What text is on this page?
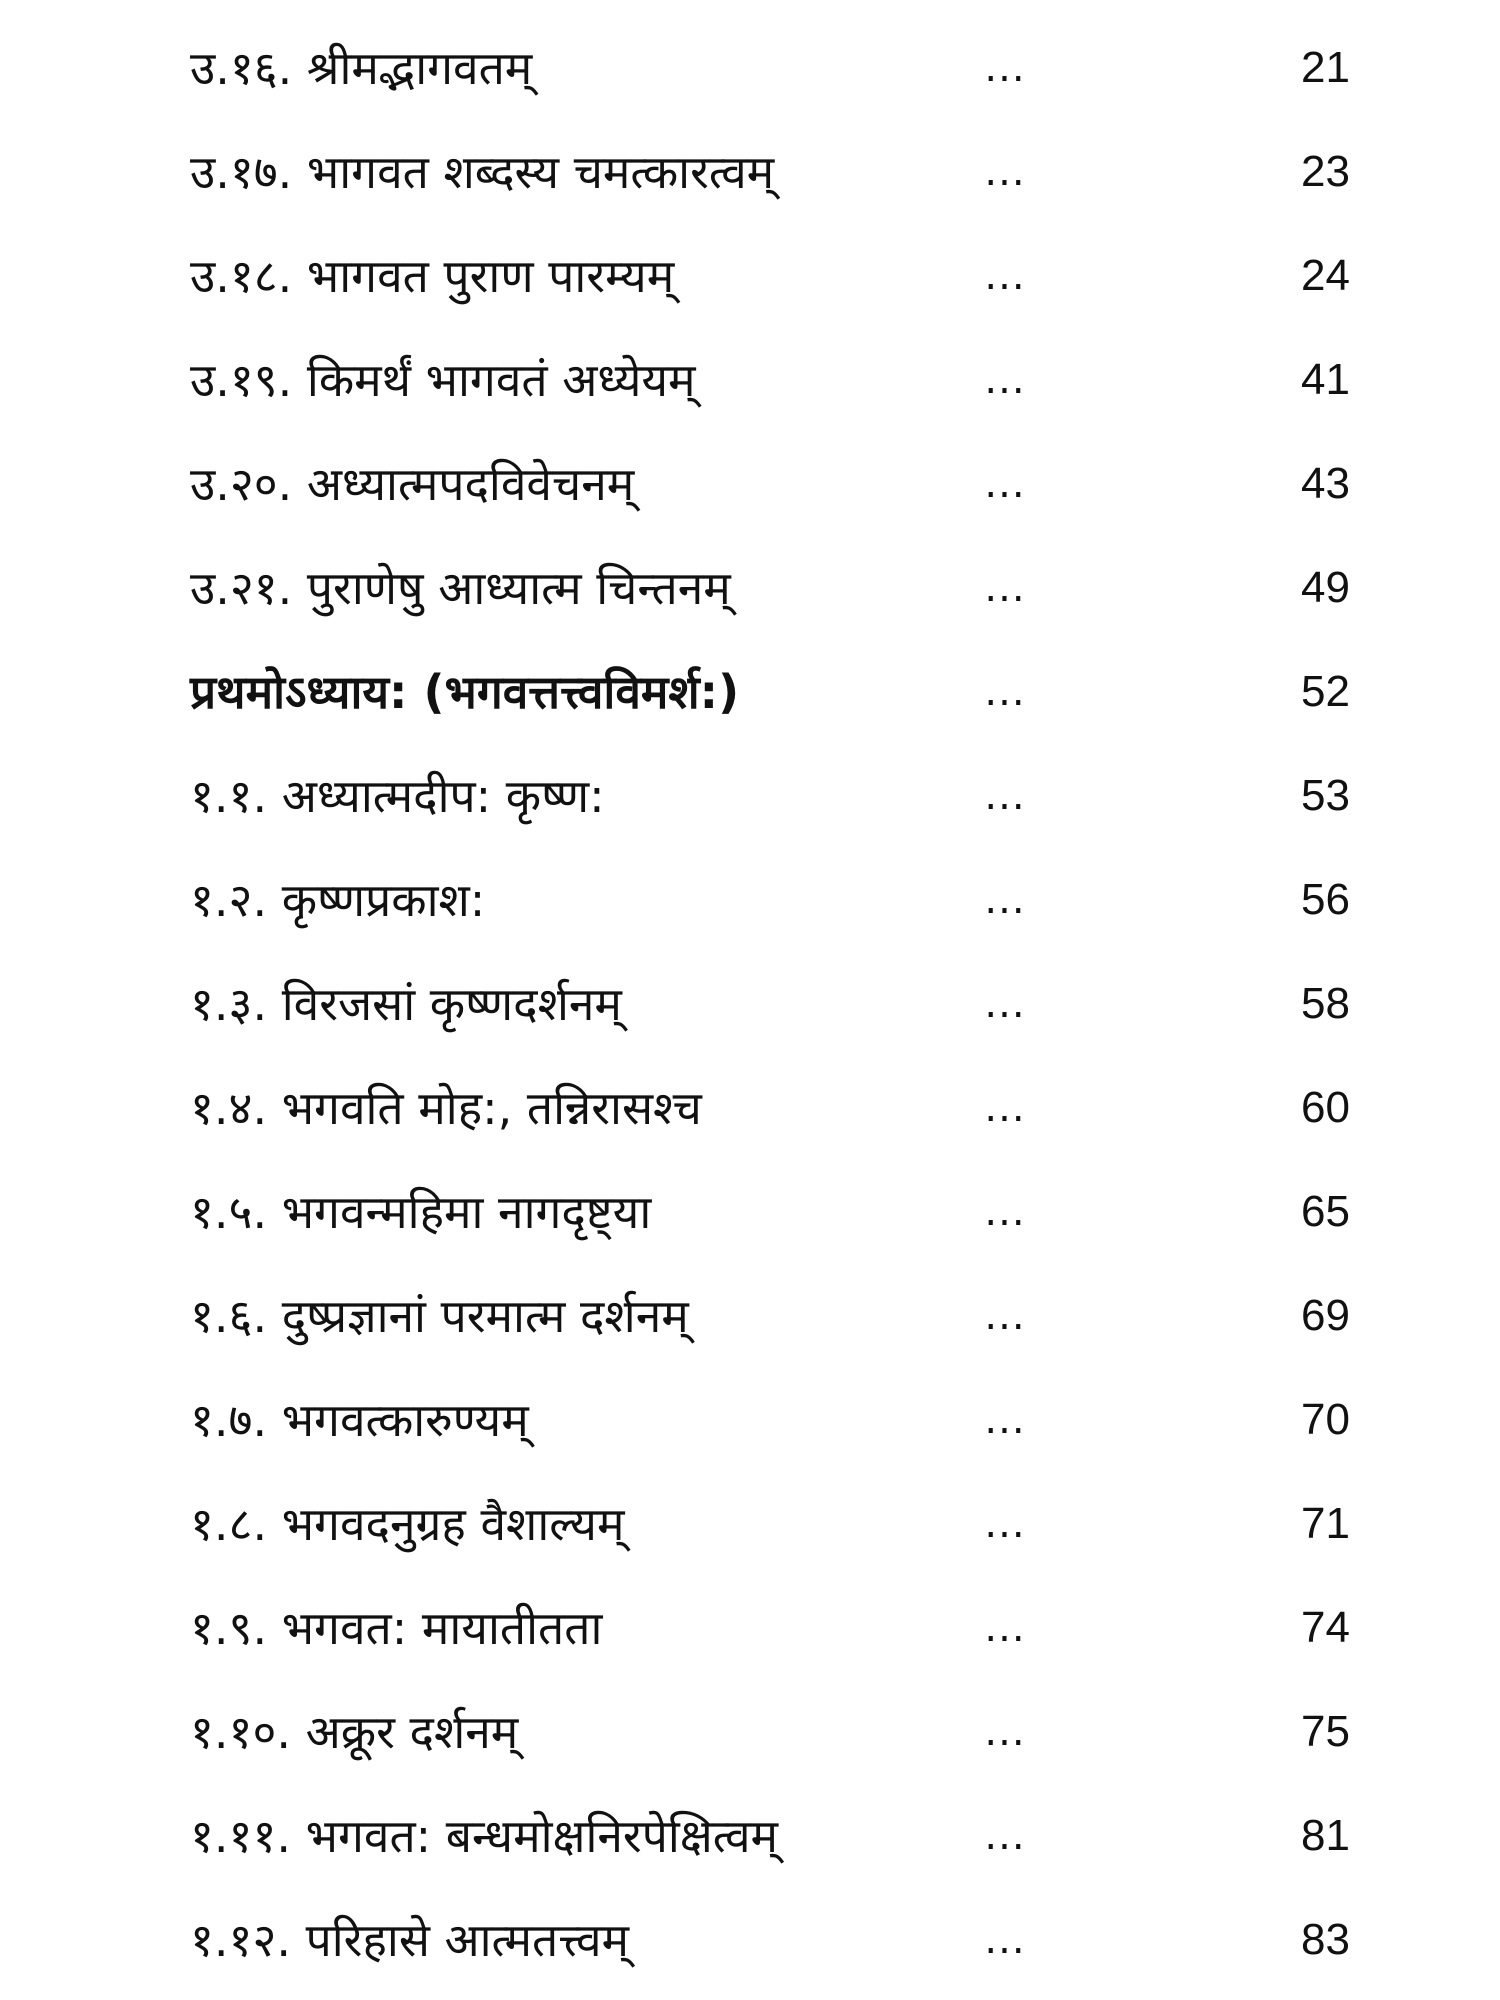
उ.१६. श्रीमद्भागवतम्	...	21
उ.१७. भागवत शब्दस्य चमत्कारत्वम्	...	23
उ.१८. भागवत पुराण पारम्यम्	...	24
उ.१९. किमर्थं भागवतं अध्येयम्	...	41
उ.२०. अध्यात्मपदविवेचनम्	...	43
उ.२१. पुराणेषु आध्यात्म चिन्तनम्	...	49
प्रथमोऽध्याय: (भगवत्तत्त्वविमर्श:)	...	52
१.१. अध्यात्मदीप: कृष्ण:	...	53
१.२. कृष्णप्रकाश:	...	56
१.३. विरजसां कृष्णदर्शनम्	...	58
१.४. भगवति मोह:, तन्निरासश्च	...	60
१.५. भगवन्महिमा नागदृष्ट्या	...	65
१.६. दुष्प्रज्ञानां परमात्म दर्शनम्	...	69
१.७. भगवत्कारुण्यम्	...	70
१.८. भगवदनुग्रह वैशाल्यम्	...	71
१.९. भगवत: मायातीतता	...	74
१.१०. अक्रूर दर्शनम्	...	75
१.११. भगवत: बन्धमोक्षनिरपेक्षित्वम्	...	81
१.१२. परिहासे आत्मतत्त्वम्	...	83
